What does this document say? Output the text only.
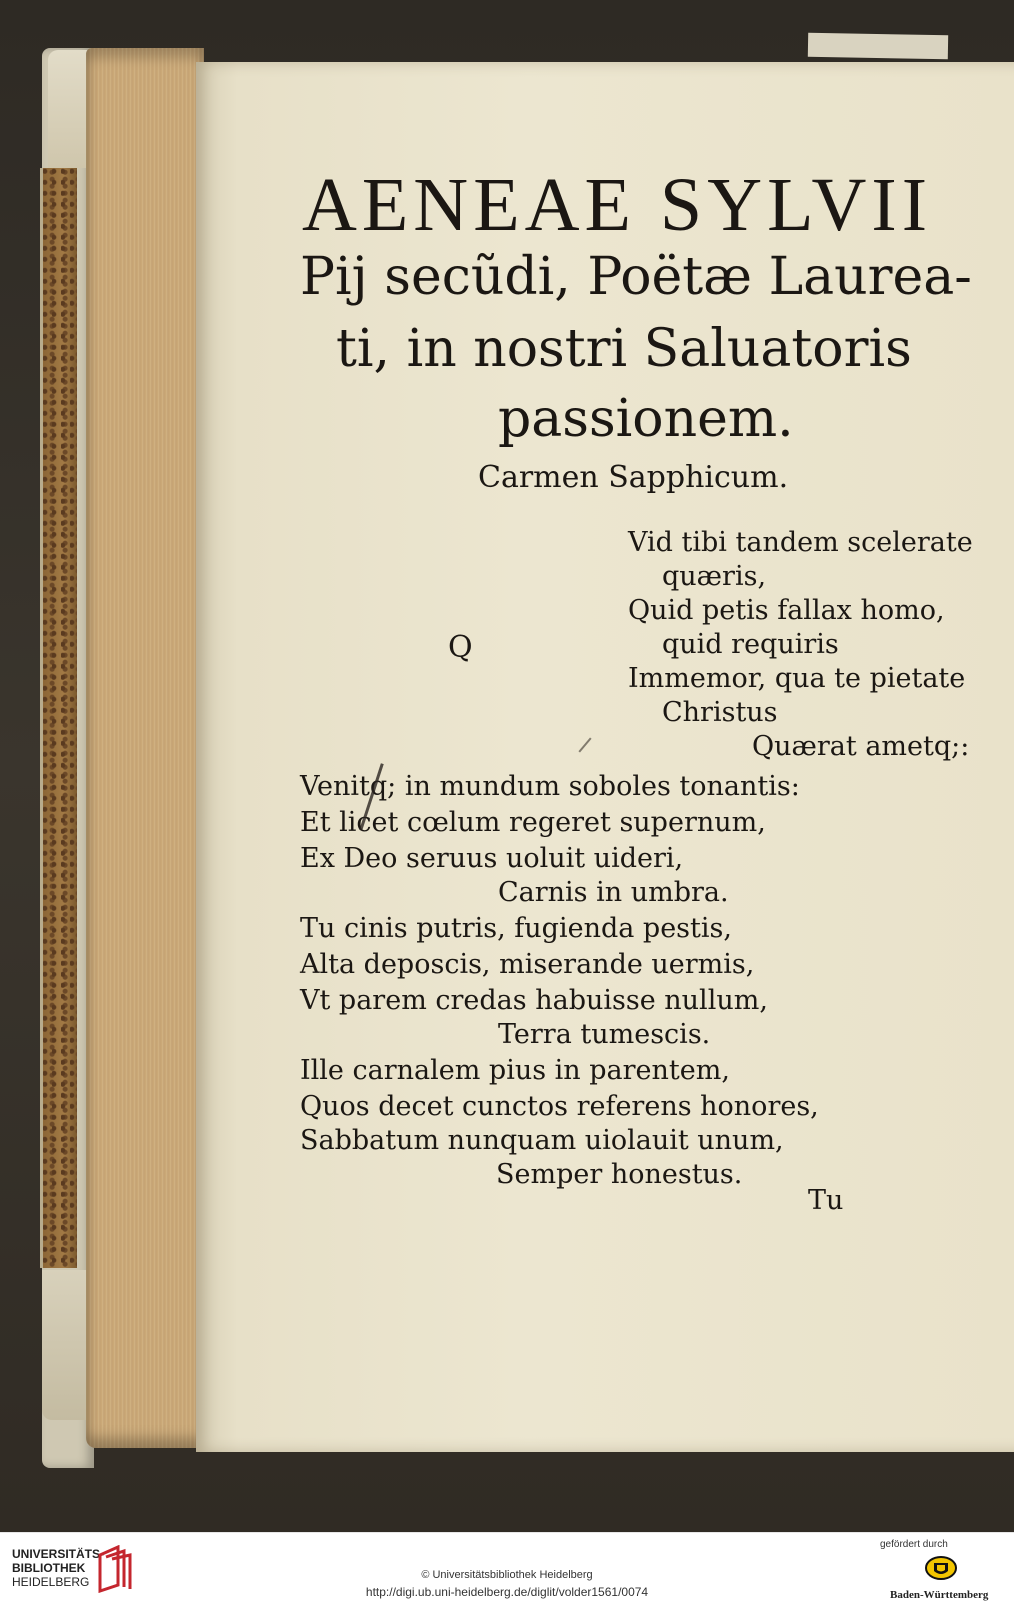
AENEAE SYLVII

Pij secũdi, Poëtæ Laurea-

ti, in nostri Saluatoris

passionem.

Carmen Sapphicum.

Q

Vid tibi tandem scelerate

quæris,

Quid petis fallax homo,

quid requiris

Immemor, qua te pietate

Christus

Quærat ametq;:

Venitq; in mundum soboles tonantis:

Et licet cœlum regeret supernum,

Ex Deo seruus uoluit uideri,

Carnis in umbra.

Tu cinis putris, fugienda pestis,

Alta deposcis, miserande uermis,

Vt parem credas habuisse nullum,

Terra tumescis.

Ille carnalem pius in parentem,

Quos decet cunctos referens honores,

Sabbatum nunquam uiolauit unum,

Semper honestus.

Tu

UNIVERSITÄTS-
BIBLIOTHEK
HEIDELBERG	© Universitätsbibliothek Heidelberg

http://digi.ub.uni-heidelberg.de/diglit/volder1561/0074

gefördert durch
Baden-Württemberg
